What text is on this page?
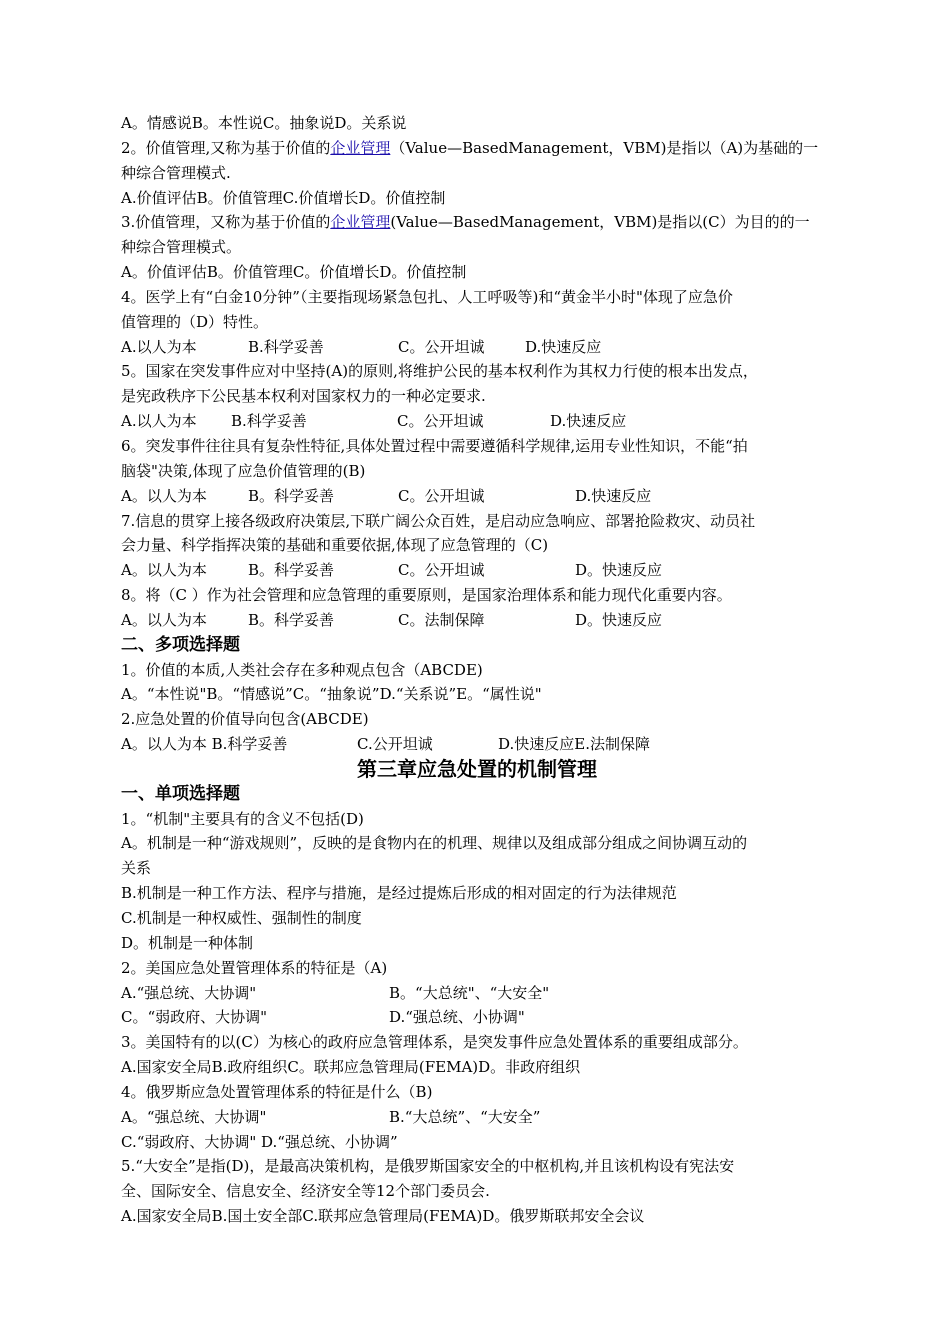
A。情感说B。本性说C。抽象说D。关系说
2。价值管理,又称为基于价值的企业管理（Value—BasedManagement，VBM)是指以（A)为基础的一
种综合管理模式.
A.价值评估B。价值管理C.价值增长D。价值控制
3.价值管理，又称为基于价值的企业管理(Value—BasedManagement，VBM)是指以(C）为目的的一
种综合管理模式。
A。价值评估B。价值管理C。价值增长D。价值控制
4。医学上有“白金10分钟”（主要指现场紧急包扎、人工呼吸等)和“黄金半小时"体现了应急价
值管理的（D）特性。
A.以人为本	B.科学妥善	C。公开坦诚	D.快速反应
5。国家在突发事件应对中坚持(A)的原则,将维护公民的基本权利作为其权力行使的根本出发点，
是宪政秩序下公民基本权利对国家权力的一种必定要求.
A.以人为本 B.科学妥善	C。公开坦诚	D.快速反应
6。突发事件往往具有复杂性特征,具体处置过程中需要遵循科学规律,运用专业性知识，不能“拍
脑袋"决策,体现了应急价值管理的(B)
A。以人为本	B。科学妥善	C。公开坦诚	D.快速反应
7.信息的贯穿上接各级政府决策层,下联广阔公众百姓，是启动应急响应、部署抢险救灾、动员社
会力量、科学指挥决策的基础和重要依据,体现了应急管理的（C)
A。以人为本	B。科学妥善	C。公开坦诚	D。快速反应
8。将（C ）作为社会管理和应急管理的重要原则，是国家治理体系和能力现代化重要内容。
A。以人为本	B。科学妥善	C。法制保障	D。快速反应
二、多项选择题
1。价值的本质,人类社会存在多种观点包含（ABCDE)
A。“本性说"B。“情感说”C。“抽象说”D.“关系说”E。“属性说"
2.应急处置的价值导向包含(ABCDE)
A。以人为本 B.科学妥善	C.公开坦诚	D.快速反应E.法制保障
第三章应急处置的机制管理
一、单项选择题
1。“机制"主要具有的含义不包括(D)
A。机制是一种“游戏规则”，反映的是食物内在的机理、规律以及组成部分组成之间协调互动的
关系
B.机制是一种工作方法、程序与措施，是经过提炼后形成的相对固定的行为法律规范
C.机制是一种权威性、强制性的制度
D。机制是一种体制
2。美国应急处置管理体系的特征是（A)
A.“强总统、大协调"	B。“大总统"、“大安全"
C。“弱政府、大协调"	D.“强总统、小协调"
3。美国特有的以(C）为核心的政府应急管理体系，是突发事件应急处置体系的重要组成部分。
A.国家安全局B.政府组织C。联邦应急管理局(FEMA)D。非政府组织
4。俄罗斯应急处置管理体系的特征是什么（B)
A。“强总统、大协调"	B.“大总统”、“大安全”
C.“弱政府、大协调" D.“强总统、小协调”
5.“大安全”是指(D)，是最高决策机构，是俄罗斯国家安全的中枢机构,并且该机构设有宪法安
全、国际安全、信息安全、经济安全等12个部门委员会.
A.国家安全局B.国土安全部C.联邦应急管理局(FEMA)D。俄罗斯联邦安全会议
